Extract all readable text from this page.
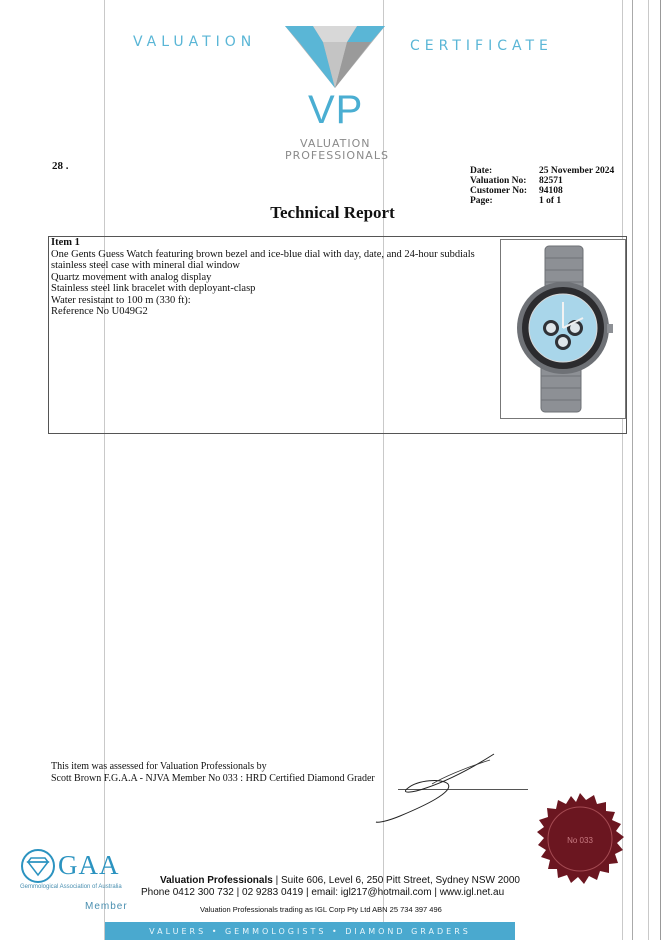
VALUATION	CERTIFICATE
VP
VALUATION
PROFESSIONALS
28 .	Date:	25 November 2024
Valuation No:	82571
Customer No:	94108
Page:	1 of 1
Technical Report
Item 1
One Gents Guess Watch featuring brown bezel and ice-blue dial with day, date, and 24-hour subdials
stainless steel case with mineral dial window
Quartz movement with analog display
Stainless steel link bracelet with deployant-clasp
Water resistant to 100 m (330 ft):
Reference No U049G2
This item was assessed for Valuation Professionals by
Scott Brown F.G.A.A - NJVA Member No 033 : HRD Certified Diamond Grader
No 033
GAA
Gemmological Association of Australia
Member
Valuation Professionals | Suite 606, Level 6, 250 Pitt Street, Sydney NSW 2000
Phone 0412 300 732 | 02 9283 0419 | email: igl217@hotmail.com | www.igl.net.au
Valuation Professionals trading as IGL Corp Pty Ltd ABN 25 734 397 496
VALUERS • GEMMOLOGISTS • DIAMOND GRADERS
